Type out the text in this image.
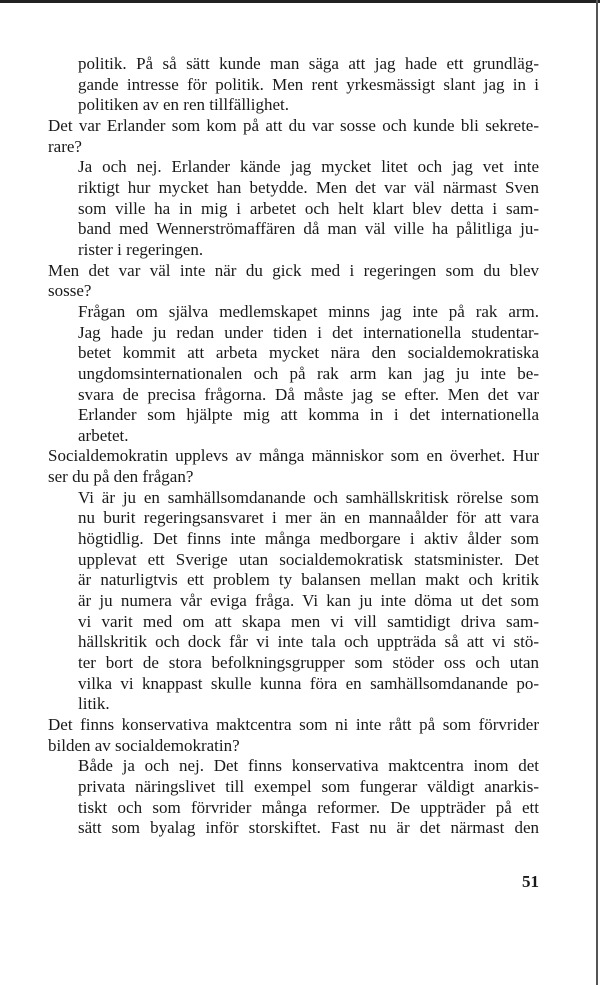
politik. På så sätt kunde man säga att jag hade ett grundläg-
gande intresse för politik. Men rent yrkesmässigt slant jag in i
politiken av en ren tillfällighet.
Det var Erlander som kom på att du var sosse och kunde bli sekrete-
rare?
Ja och nej. Erlander kände jag mycket litet och jag vet inte
riktigt hur mycket han betydde. Men det var väl närmast Sven
som ville ha in mig i arbetet och helt klart blev detta i sam-
band med Wennerströmaffären då man väl ville ha pålitliga ju-
rister i regeringen.
Men det var väl inte när du gick med i regeringen som du blev
sosse?
Frågan om själva medlemskapet minns jag inte på rak arm.
Jag hade ju redan under tiden i det internationella studentar-
betet kommit att arbeta mycket nära den socialdemokratiska
ungdomsinternationalen och på rak arm kan jag ju inte be-
svara de precisa frågorna. Då måste jag se efter. Men det var
Erlander som hjälpte mig att komma in i det internationella
arbetet.
Socialdemokratin upplevs av många människor som en överhet. Hur
ser du på den frågan?
Vi är ju en samhällsomdanande och samhällskritisk rörelse som
nu burit regeringsansvaret i mer än en mannaålder för att vara
högtidlig. Det finns inte många medborgare i aktiv ålder som
upplevat ett Sverige utan socialdemokratisk statsminister. Det
är naturligtvis ett problem ty balansen mellan makt och kritik
är ju numera vår eviga fråga. Vi kan ju inte döma ut det som
vi varit med om att skapa men vi vill samtidigt driva sam-
hällskritik och dock får vi inte tala och uppträda så att vi stö-
ter bort de stora befolkningsgrupper som stöder oss och utan
vilka vi knappast skulle kunna föra en samhällsomdanande po-
litik.
Det finns konservativa maktcentra som ni inte rått på som förvrider
bilden av socialdemokratin?
Både ja och nej. Det finns konservativa maktcentra inom det
privata näringslivet till exempel som fungerar väldigt anarkis-
tiskt och som förvrider många reformer. De uppträder på ett
sätt som byalag inför storskiftet. Fast nu är det närmast den
51
